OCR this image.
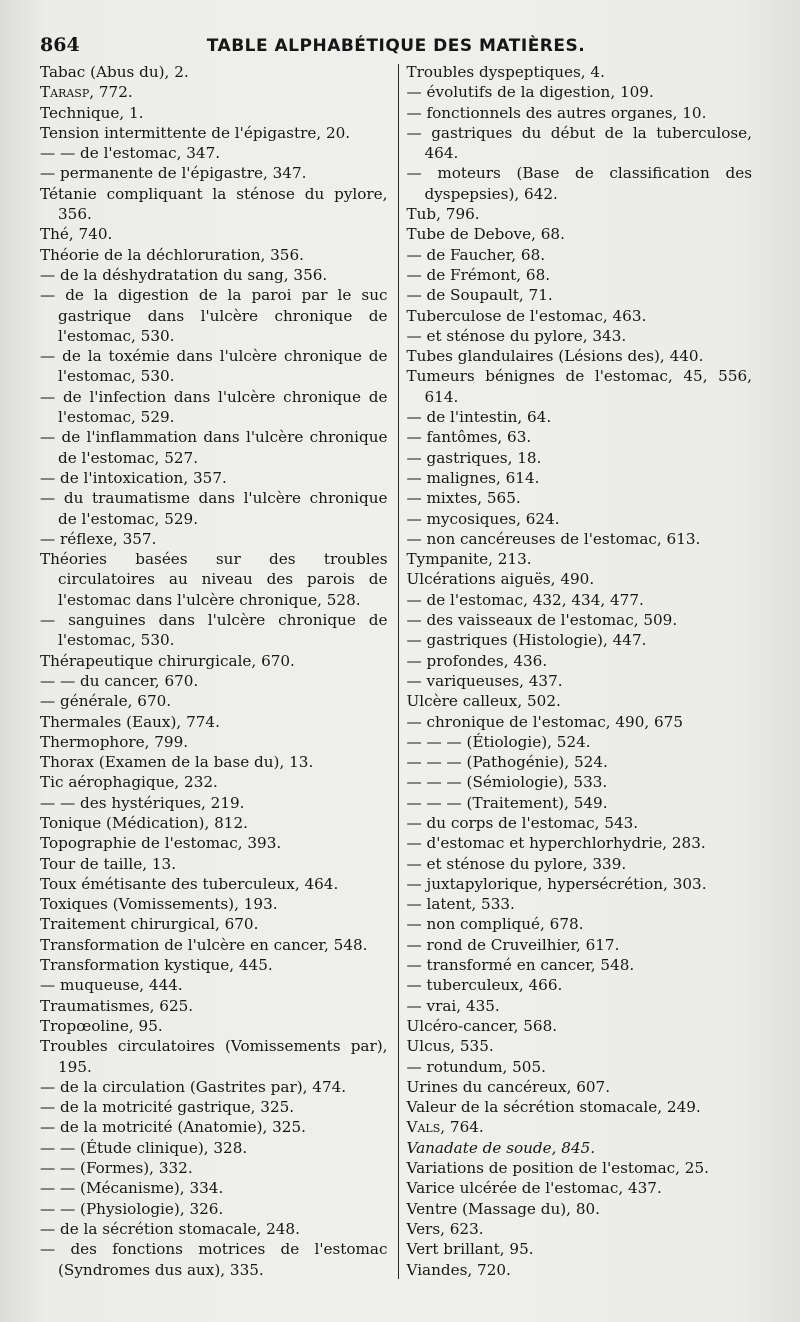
864	TABLE ALPHABÉTIQUE DES MATIÈRES.
Tabac (Abus du), 2.
Tarasp, 772.
Technique, 1.
Tension intermittente de l'épigastre, 20.
— — de l'estomac, 347.
— permanente de l'épigastre, 347.
Tétanie compliquant la sténose du pylore, 356.
Thé, 740.
Théorie de la déchloruration, 356.
— de la déshydratation du sang, 356.
— de la digestion de la paroi par le suc gastrique dans l'ulcère chronique de l'estomac, 530.
— de la toxémie dans l'ulcère chronique de l'estomac, 530.
— de l'infection dans l'ulcère chronique de l'estomac, 529.
— de l'inflammation dans l'ulcère chronique de l'estomac, 527.
— de l'intoxication, 357.
— du traumatisme dans l'ulcère chronique de l'estomac, 529.
— réflexe, 357.
Théories basées sur des troubles circulatoires au niveau des parois de l'estomac dans l'ulcère chronique, 528.
— sanguines dans l'ulcère chronique de l'estomac, 530.
Thérapeutique chirurgicale, 670.
— — du cancer, 670.
— générale, 670.
Thermales (Eaux), 774.
Thermophore, 799.
Thorax (Examen de la base du), 13.
Tic aérophagique, 232.
— — des hystériques, 219.
Tonique (Médication), 812.
Topographie de l'estomac, 393.
Tour de taille, 13.
Toux émétisante des tuberculeux, 464.
Toxiques (Vomissements), 193.
Traitement chirurgical, 670.
Transformation de l'ulcère en cancer, 548.
Transformation kystique, 445.
— muqueuse, 444.
Traumatismes, 625.
Tropœoline, 95.
Troubles circulatoires (Vomissements par), 195.
— de la circulation (Gastrites par), 474.
— de la motricité gastrique, 325.
— de la motricité (Anatomie), 325.
— — (Étude clinique), 328.
— — (Formes), 332.
— — (Mécanisme), 334.
— — (Physiologie), 326.
— de la sécrétion stomacale, 248.
— des fonctions motrices de l'estomac (Syndromes dus aux), 335.
Troubles dyspeptiques, 4.
— évolutifs de la digestion, 109.
— fonctionnels des autres organes, 10.
— gastriques du début de la tuberculose, 464.
— moteurs (Base de classification des dyspepsies), 642.
Tub, 796.
Tube de Debove, 68.
— de Faucher, 68.
— de Frémont, 68.
— de Soupault, 71.
Tuberculose de l'estomac, 463.
— et sténose du pylore, 343.
Tubes glandulaires (Lésions des), 440.
Tumeurs bénignes de l'estomac, 45, 556, 614.
— de l'intestin, 64.
— fantômes, 63.
— gastriques, 18.
— malignes, 614.
— mixtes, 565.
— mycosiques, 624.
— non cancéreuses de l'estomac, 613.
Tympanite, 213.
Ulcérations aiguës, 490.
— de l'estomac, 432, 434, 477.
— des vaisseaux de l'estomac, 509.
— gastriques (Histologie), 447.
— profondes, 436.
— variqueuses, 437.
Ulcère calleux, 502.
— chronique de l'estomac, 490, 675
— — — (Étiologie), 524.
— — — (Pathogénie), 524.
— — — (Sémiologie), 533.
— — — (Traitement), 549.
— du corps de l'estomac, 543.
— d'estomac et hyperchlorhydrie, 283.
— et sténose du pylore, 339.
— juxtapylorique, hypersécrétion, 303.
— latent, 533.
— non compliqué, 678.
— rond de Cruveilhier, 617.
— transformé en cancer, 548.
— tuberculeux, 466.
— vrai, 435.
Ulcéro-cancer, 568.
Ulcus, 535.
— rotundum, 505.
Urines du cancéreux, 607.
Valeur de la sécrétion stomacale, 249.
Vals, 764.
Vanadate de soude, 845.
Variations de position de l'estomac, 25.
Varice ulcérée de l'estomac, 437.
Ventre (Massage du), 80.
Vers, 623.
Vert brillant, 95.
Viandes, 720.
